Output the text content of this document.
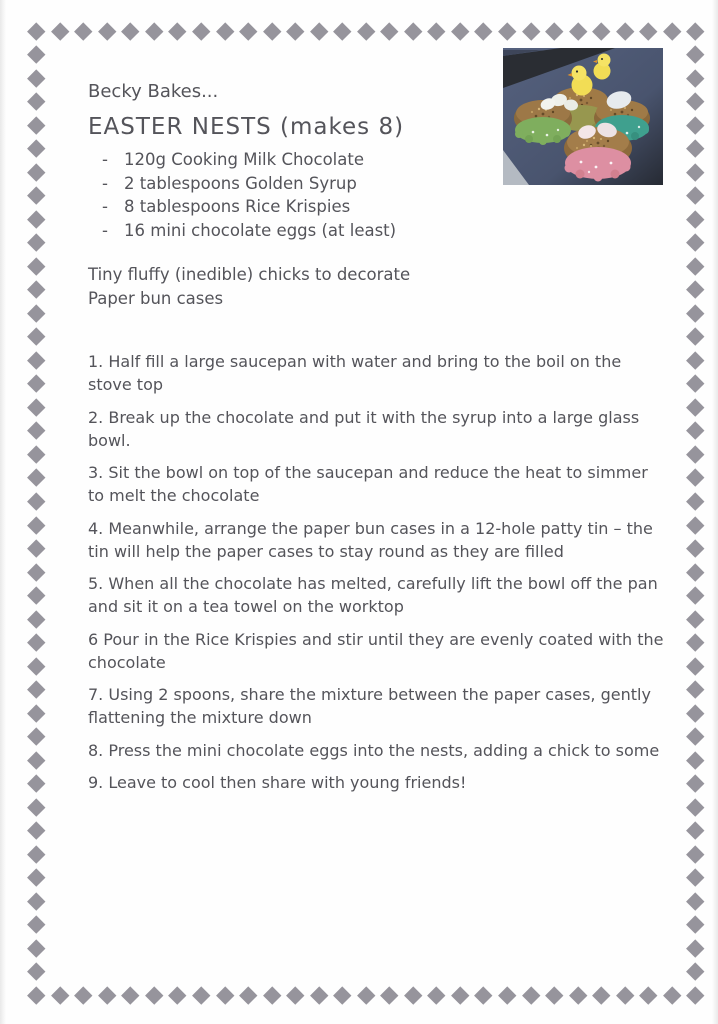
Becky Bakes...
EASTER NESTS (makes 8)
- 120g Cooking Milk Chocolate
- 2 tablespoons Golden Syrup
- 8 tablespoons Rice Krispies
- 16 mini chocolate eggs (at least)
Tiny fluffy (inedible) chicks to decorate
Paper bun cases

1. Half fill a large saucepan with water and bring to the boil on the stove top

2. Break up the chocolate and put it with the syrup into a large glass bowl.

3. Sit the bowl on top of the saucepan and reduce the heat to simmer to melt the chocolate

4. Meanwhile, arrange the paper bun cases in a 12-hole patty tin – the tin will help the paper cases to stay round as they are filled

5. When all the chocolate has melted, carefully lift the bowl off the pan and sit it on a tea towel on the worktop

6 Pour in the Rice Krispies and stir until they are evenly coated with the chocolate

7. Using 2 spoons, share the mixture between the paper cases, gently flattening the mixture down

8. Press the mini chocolate eggs into the nests, adding a chick to some

9. Leave to cool then share with young friends!
